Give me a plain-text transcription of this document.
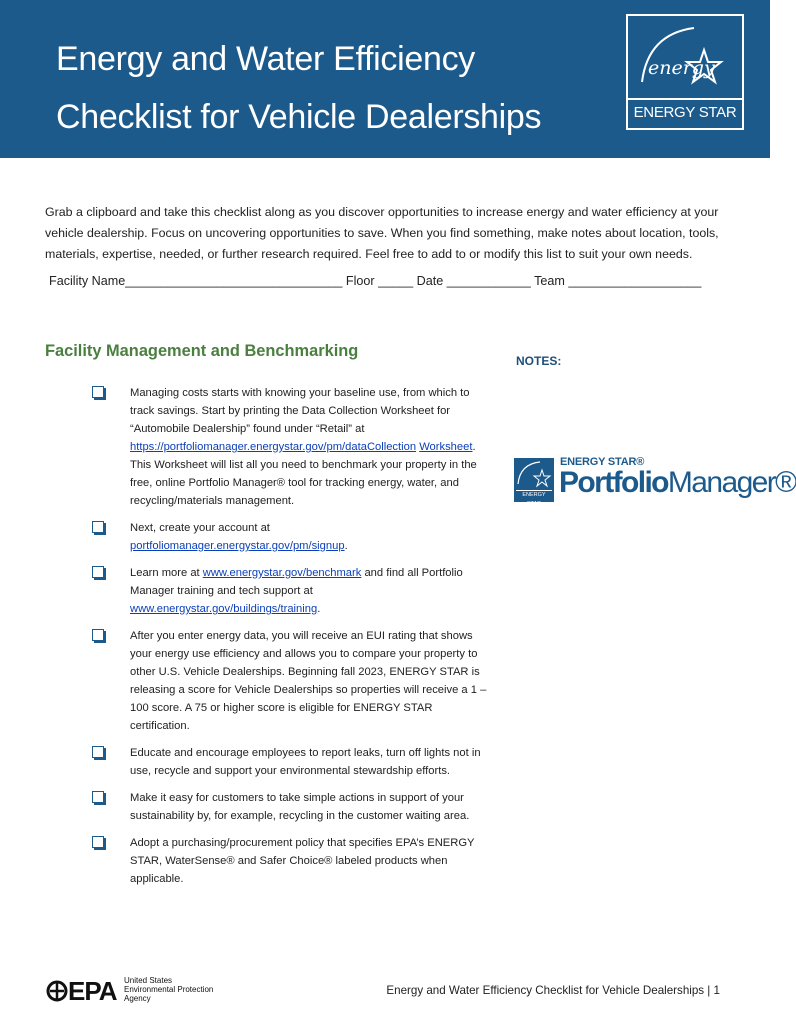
Energy and Water Efficiency
Checklist for Vehicle Dealerships
energy
ENERGY STAR
Grab a clipboard and take this checklist along as you discover opportunities to increase energy and water efficiency at your vehicle dealership. Focus on uncovering opportunities to save. When you find something, make notes about location, tools, materials, expertise, needed, or further research required. Feel free to add to or modify this list to suit your own needs.
Facility Name_______________________________ Floor _____ Date ____________ Team ___________________
Facility Management and Benchmarking
NOTES:
ENERGY STAR
ENERGY STAR®
PortfolioManager®
Managing costs starts with knowing your baseline use, from which to track savings. Start by printing the Data Collection Worksheet for “Automobile Dealership” found under “Retail” at https://portfoliomanager.energystar.gov/pm/dataCollection Worksheet. This Worksheet will list all you need to benchmark your property in the free, online Portfolio Manager® tool for tracking energy, water, and recycling/materials management.
Next, create your account at portfoliomanager.energystar.gov/pm/signup.
Learn more at www.energystar.gov/benchmark and find all Portfolio Manager training and tech support at www.energystar.gov/buildings/training.
After you enter energy data, you will receive an EUI rating that shows your energy use efficiency and allows you to compare your property to other U.S. Vehicle Dealerships. Beginning fall 2023, ENERGY STAR is releasing a score for Vehicle Dealerships so properties will receive a 1 – 100 score. A 75 or higher score is eligible for ENERGY STAR certification.
Educate and encourage employees to report leaks, turn off lights not in use, recycle and support your environmental stewardship efforts.
Make it easy for customers to take simple actions in support of your sustainability by, for example, recycling in the customer waiting area.
Adopt a purchasing/procurement policy that specifies EPA’s ENERGY STAR, WaterSense® and Safer Choice® labeled products when applicable.
EPA United States
Environmental Protection
Agency
Energy and Water Efficiency Checklist for Vehicle Dealerships | 1
